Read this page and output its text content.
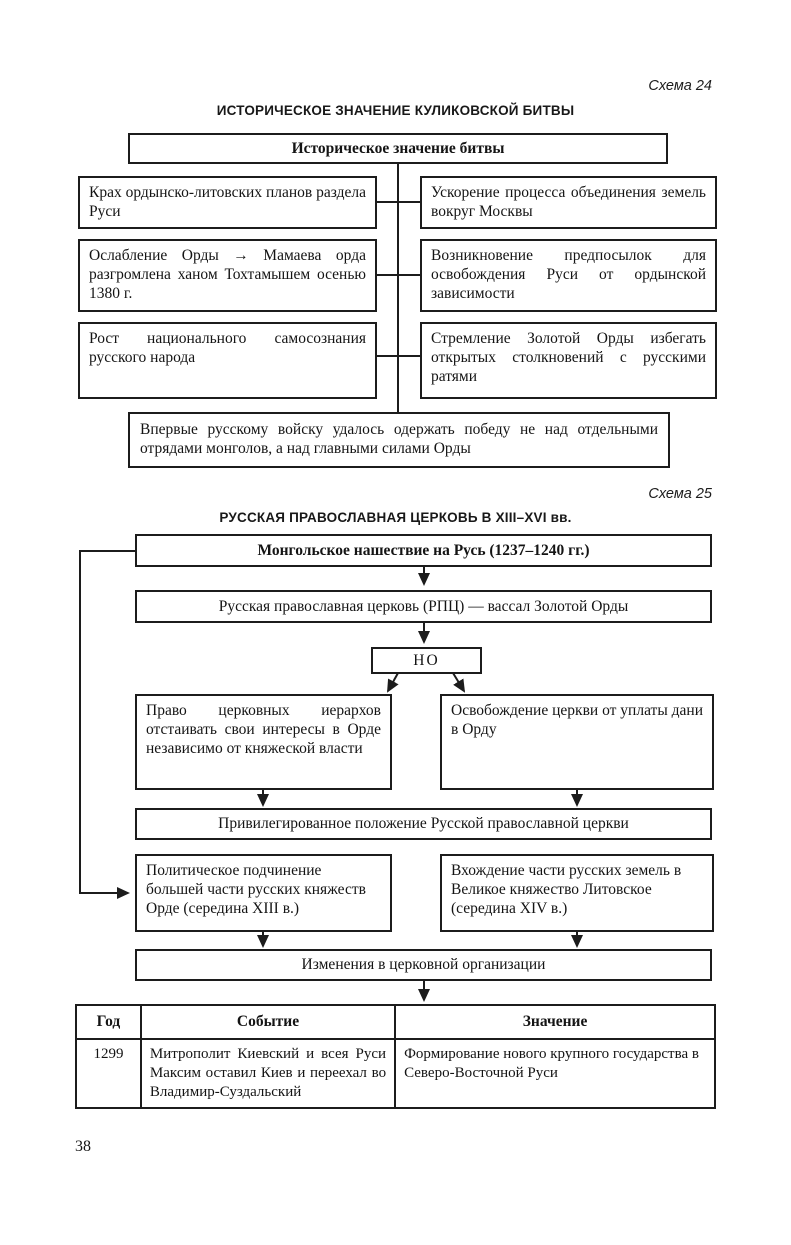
Схема 24
ИСТОРИЧЕСКОЕ ЗНАЧЕНИЕ КУЛИКОВСКОЙ БИТВЫ
Историческое значение битвы
Крах ордынско-литовских планов раздела Руси
Ослабление Орды → Мамаева орда разгромлена ханом Тохтамышем осенью 1380 г.
Рост национального самосознания русского народа
Ускорение процесса объединения земель вокруг Москвы
Возникновение предпосылок для освобождения Руси от ордынской зависимости
Стремление Золотой Орды избегать открытых столкновений с русскими ратями
Впервые русскому войску удалось одержать победу не над отдельными отрядами монголов, а над главными силами Орды
Схема 25
РУССКАЯ ПРАВОСЛАВНАЯ ЦЕРКОВЬ В XIII–XVI вв.
Монгольское нашествие на Русь (1237–1240 гг.)
Русская православная церковь (РПЦ) — вассал Золотой Орды
НО
Право церковных иерархов отстаивать свои интересы в Орде независимо от княжеской власти
Освобождение церкви от уплаты дани в Орду
Привилегированное положение Русской православной церкви
Политическое подчинение большей части русских княжеств Орде (середина XIII в.)
Вхождение части русских земель в Великое княжество Литовское (середина XIV в.)
Изменения в церковной организации
Год	Событие	Значение
1299	Митрополит Киевский и всея Руси Максим оставил Киев и переехал во Владимир-Суздальский	Формирование нового крупного государства в Северо-Восточной Руси
38
